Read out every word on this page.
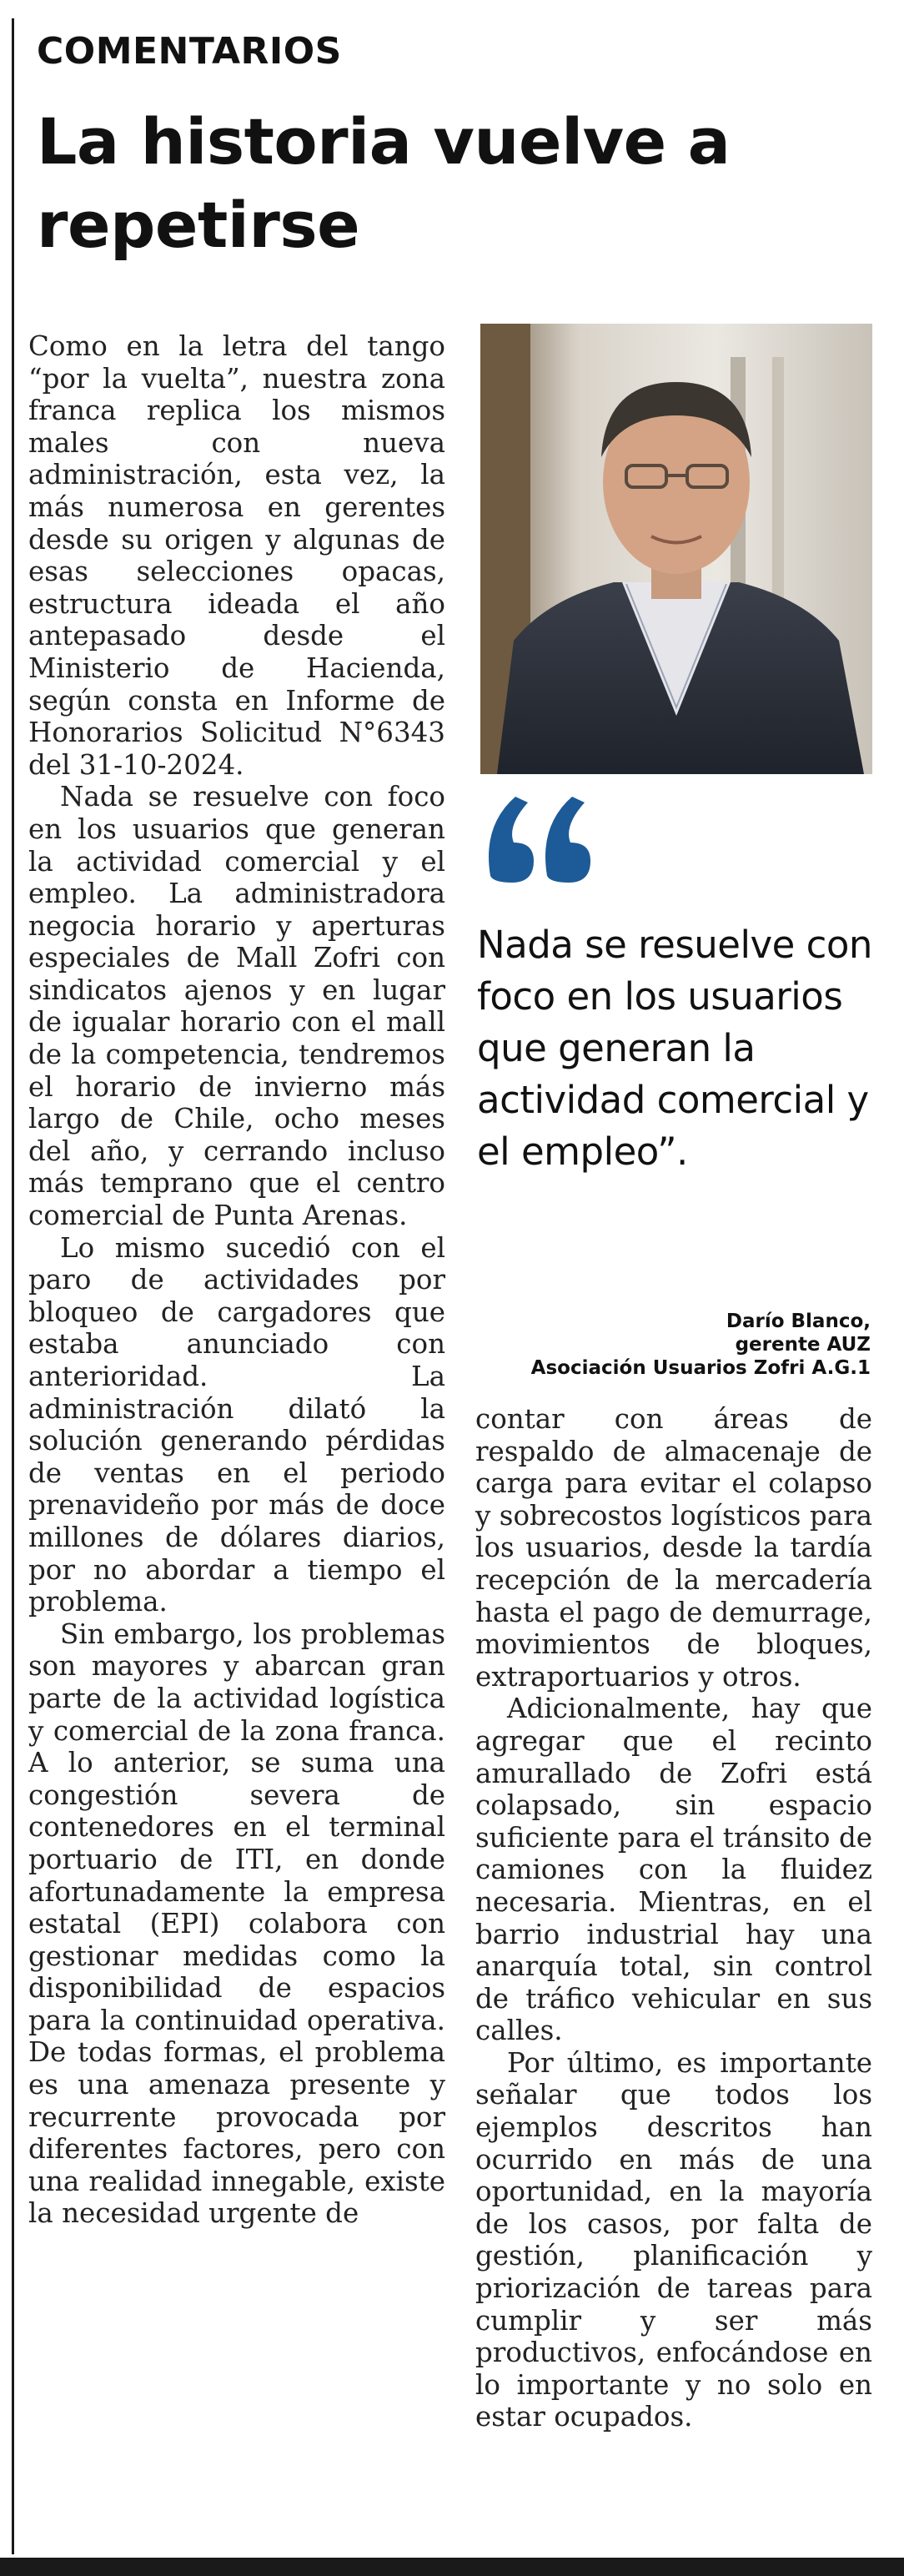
COMENTARIOS
La historia vuelve a repetirse

Como en la letra del tango “por la vuelta”, nuestra zona franca replica los mismos males con nueva administración, esta vez, la más numerosa en gerentes desde su origen y algunas de esas selecciones opacas, estructura ideada el año antepasado desde el Ministerio de Hacienda, según consta en Informe de Honorarios Solicitud N°6343 del 31-10-2024.

Nada se resuelve con foco en los usuarios que generan la actividad comercial y el empleo. La administradora negocia horario y aperturas especiales de Mall Zofri con sindicatos ajenos y en lugar de igualar horario con el mall de la competencia, tendremos el horario de invierno más largo de Chile, ocho meses del año, y cerrando incluso más temprano que el centro comercial de Punta Arenas.

Lo mismo sucedió con el paro de actividades por bloqueo de cargadores que estaba anunciado con anterioridad. La administración dilató la solución generando pérdidas de ventas en el periodo prenavideño por más de doce millones de dólares diarios, por no abordar a tiempo el problema.

Sin embargo, los problemas son mayores y abarcan gran parte de la actividad logística y comercial de la zona franca. A lo anterior, se suma una congestión severa de contenedores en el terminal portuario de ITI, en donde afortunadamente la empresa estatal (EPI) colabora con gestionar medidas como la disponibilidad de espacios para la continuidad operativa. De todas formas, el problema es una amenaza presente y recurrente provocada por diferentes factores, pero con una realidad innegable, existe la necesidad urgente de

Nada se resuelve con foco en los usuarios que generan la actividad comercial y el empleo”.
Darío Blanco,
gerente AUZ
Asociación Usuarios Zofri A.G.1

contar con áreas de respaldo de almacenaje de carga para evitar el colapso y sobrecostos logísticos para los usuarios, desde la tardía recepción de la mercadería hasta el pago de demurrage, movimientos de bloques, extraportuarios y otros.

Adicionalmente, hay que agregar que el recinto amurallado de Zofri está colapsado, sin espacio suficiente para el tránsito de camiones con la fluidez necesaria. Mientras, en el barrio industrial hay una anarquía total, sin control de tráfico vehicular en sus calles.

Por último, es importante señalar que todos los ejemplos descritos han ocurrido en más de una oportunidad, en la mayoría de los casos, por falta de gestión, planificación y priorización de tareas para cumplir y ser más productivos, enfocándose en lo importante y no solo en estar ocupados.
